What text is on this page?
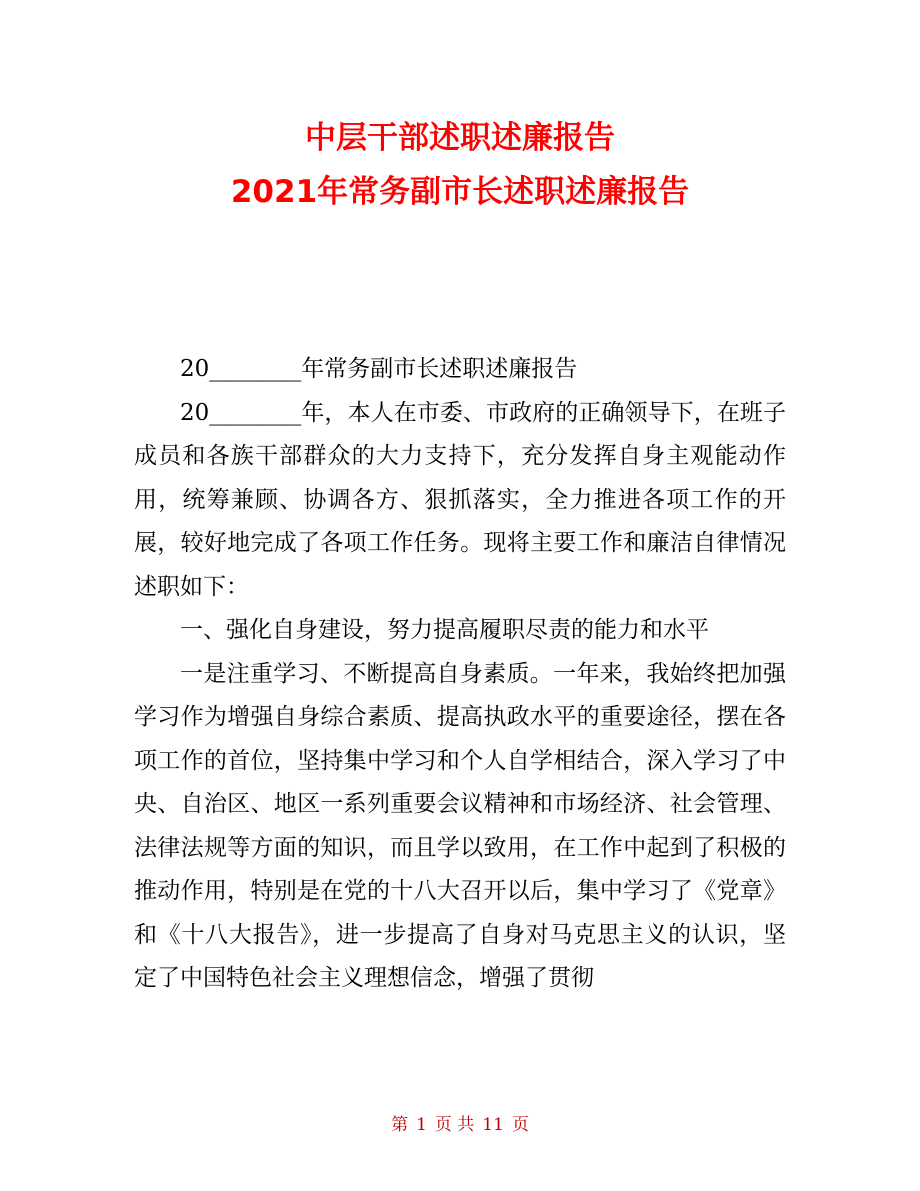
中层干部述职述廉报告
2021年常务副市长述职述廉报告

20________年常务副市长述职述廉报告

20________年，本人在市委、市政府的正确领导下，在班子成员和各族干部群众的大力支持下，充分发挥自身主观能动作用，统筹兼顾、协调各方、狠抓落实，全力推进各项工作的开展，较好地完成了各项工作任务。现将主要工作和廉洁自律情况述职如下：

一、强化自身建设，努力提高履职尽责的能力和水平

一是注重学习、不断提高自身素质。一年来，我始终把加强学习作为增强自身综合素质、提高执政水平的重要途径，摆在各项工作的首位，坚持集中学习和个人自学相结合，深入学习了中央、自治区、地区一系列重要会议精神和市场经济、社会管理、法律法规等方面的知识，而且学以致用，在工作中起到了积极的推动作用，特别是在党的十八大召开以后，集中学习了《党章》和《十八大报告》，进一步提高了自身对马克思主义的认识，坚定了中国特色社会主义理想信念，增强了贯彻

第 1 页 共 11 页
